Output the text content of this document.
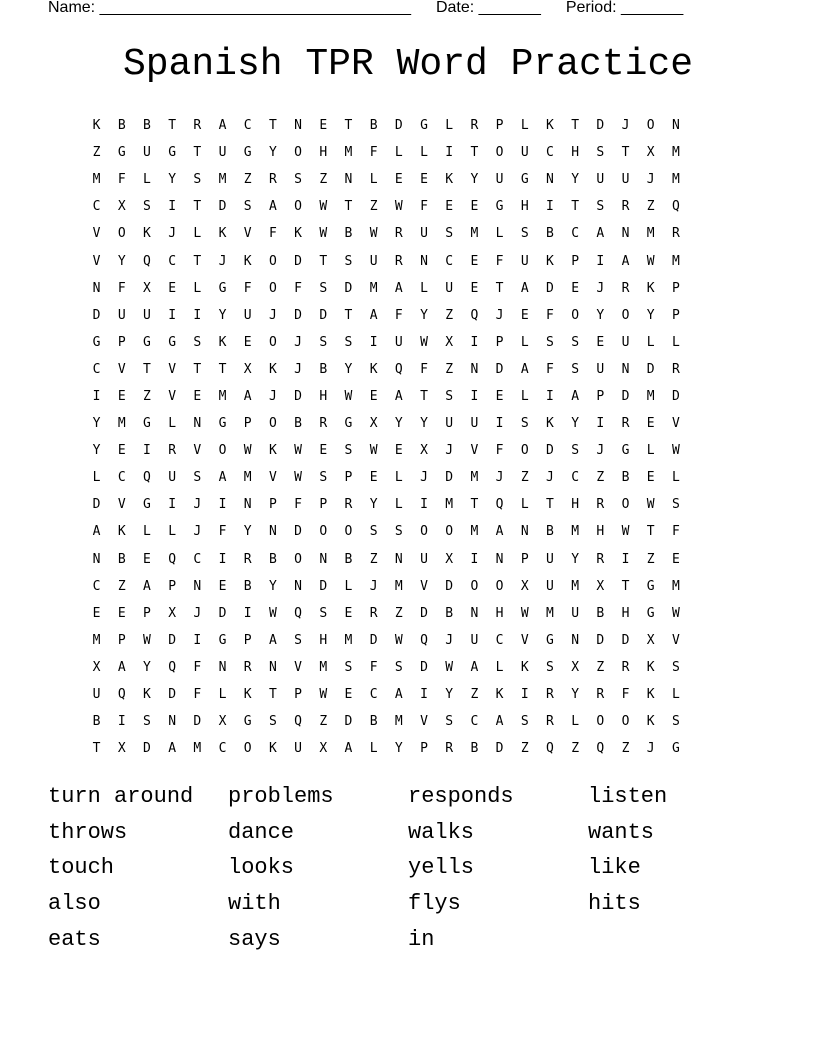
Name: ___________________________________ Date: _______ Period: _______
Spanish TPR Word Practice
K	B	B	T	R	A	C	T	N	E	T	B	D	G	L	R	P	L	K	T	D	J	O	N
Z	G	U	G	T	U	G	Y	O	H	M	F	L	L	I	T	O	U	C	H	S	T	X	M
M	F	L	Y	S	M	Z	R	S	Z	N	L	E	E	K	Y	U	G	N	Y	U	U	J	M
C	X	S	I	T	D	S	A	O	W	T	Z	W	F	E	E	G	H	I	T	S	R	Z	Q
V	O	K	J	L	K	V	F	K	W	B	W	R	U	S	M	L	S	B	C	A	N	M	R
V	Y	Q	C	T	J	K	O	D	T	S	U	R	N	C	E	F	U	K	P	I	A	W	M
N	F	X	E	L	G	F	O	F	S	D	M	A	L	U	E	T	A	D	E	J	R	K	P
D	U	U	I	I	Y	U	J	D	D	T	A	F	Y	Z	Q	J	E	F	O	Y	O	Y	P
G	P	G	G	S	K	E	O	J	S	S	I	U	W	X	I	P	L	S	S	E	U	L	L
C	V	T	V	T	T	X	K	J	B	Y	K	Q	F	Z	N	D	A	F	S	U	N	D	R
I	E	Z	V	E	M	A	J	D	H	W	E	A	T	S	I	E	L	I	A	P	D	M	D
Y	M	G	L	N	G	P	O	B	R	G	X	Y	Y	U	U	I	S	K	Y	I	R	E	V
Y	E	I	R	V	O	W	K	W	E	S	W	E	X	J	V	F	O	D	S	J	G	L	W
L	C	Q	U	S	A	M	V	W	S	P	E	L	J	D	M	J	Z	J	C	Z	B	E	L
D	V	G	I	J	I	N	P	F	P	R	Y	L	I	M	T	Q	L	T	H	R	O	W	S
A	K	L	L	J	F	Y	N	D	O	O	S	S	O	O	M	A	N	B	M	H	W	T	F
N	B	E	Q	C	I	R	B	O	N	B	Z	N	U	X	I	N	P	U	Y	R	I	Z	E
C	Z	A	P	N	E	B	Y	N	D	L	J	M	V	D	O	O	X	U	M	X	T	G	M
E	E	P	X	J	D	I	W	Q	S	E	R	Z	D	B	N	H	W	M	U	B	H	G	W
M	P	W	D	I	G	P	A	S	H	M	D	W	Q	J	U	C	V	G	N	D	D	X	V
X	A	Y	Q	F	N	R	N	V	M	S	F	S	D	W	A	L	K	S	X	Z	R	K	S
U	Q	K	D	F	L	K	T	P	W	E	C	A	I	Y	Z	K	I	R	Y	R	F	K	L
B	I	S	N	D	X	G	S	Q	Z	D	B	M	V	S	C	A	S	R	L	O	O	K	S
T	X	D	A	M	C	O	K	U	X	A	L	Y	P	R	B	D	Z	Q	Z	Q	Z	J	G
turn around	problems	responds	listen
throws	dance	walks	wants
touch	looks	yells	like
also	with	flys	hits
eats	says	in
